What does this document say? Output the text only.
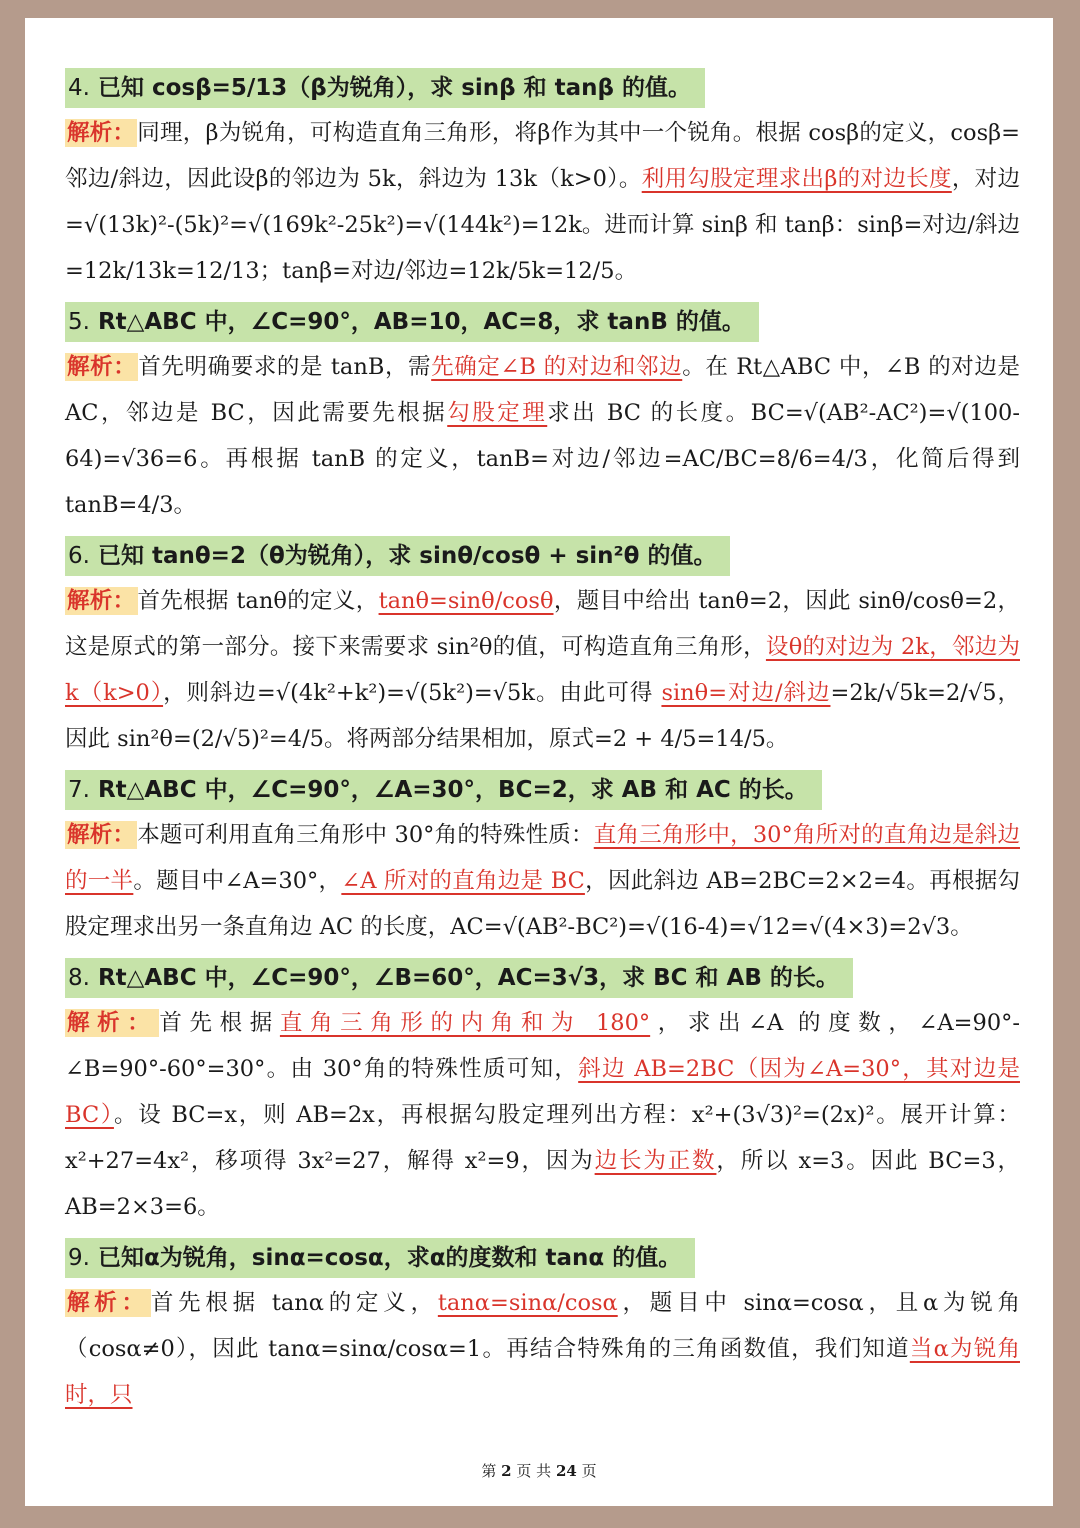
4. 已知 cosβ=5/13（β为锐角），求 sinβ 和 tanβ 的值。
解析：同理，β为锐角，可构造直角三角形，将β作为其中一个锐角。根据 cosβ的定义，cosβ=邻边/斜边，因此设β的邻边为 5k，斜边为 13k（k>0）。利用勾股定理求出β的对边长度，对边=√(13k)²-(5k)²=√(169k²-25k²)=√(144k²)=12k。进而计算 sinβ 和 tanβ：sinβ=对边/斜边=12k/13k=12/13；tanβ=对边/邻边=12k/5k=12/5。
5. Rt△ABC 中，∠C=90°，AB=10，AC=8，求 tanB 的值。
解析：首先明确要求的是 tanB，需先确定∠B 的对边和邻边。在 Rt△ABC 中，∠B 的对边是 AC，邻边是 BC，因此需要先根据勾股定理求出 BC 的长度。BC=√(AB²-AC²)=√(100-64)=√36=6。再根据 tanB 的定义，tanB=对边/邻边=AC/BC=8/6=4/3，化简后得到 tanB=4/3。
6. 已知 tanθ=2（θ为锐角），求 sinθ/cosθ + sin²θ 的值。
解析：首先根据 tanθ的定义，tanθ=sinθ/cosθ，题目中给出 tanθ=2，因此 sinθ/cosθ=2，这是原式的第一部分。接下来需要求 sin²θ的值，可构造直角三角形，设θ的对边为 2k，邻边为 k（k>0），则斜边=√(4k²+k²)=√(5k²)=√5k。由此可得 sinθ=对边/斜边=2k/√5k=2/√5，因此 sin²θ=(2/√5)²=4/5。将两部分结果相加，原式=2 + 4/5=14/5。
7. Rt△ABC 中，∠C=90°，∠A=30°，BC=2，求 AB 和 AC 的长。
解析：本题可利用直角三角形中 30°角的特殊性质：直角三角形中，30°角所对的直角边是斜边的一半。题目中∠A=30°，∠A 所对的直角边是 BC，因此斜边 AB=2BC=2×2=4。再根据勾股定理求出另一条直角边 AC 的长度，AC=√(AB²-BC²)=√(16-4)=√12=√(4×3)=2√3。
8. Rt△ABC 中，∠C=90°，∠B=60°，AC=3√3，求 BC 和 AB 的长。
解析：首先根据直角三角形的内角和为 180°，求出∠A 的度数，∠A=90°-∠B=90°-60°=30°。由 30°角的特殊性质可知，斜边 AB=2BC（因为∠A=30°，其对边是 BC）。设 BC=x，则 AB=2x，再根据勾股定理列出方程：x²+(3√3)²=(2x)²。展开计算：x²+27=4x²，移项得 3x²=27，解得 x²=9，因为边长为正数，所以 x=3。因此 BC=3，AB=2×3=6。
9. 已知α为锐角，sinα=cosα，求α的度数和 tanα 的值。
解析：首先根据 tanα的定义，tanα=sinα/cosα，题目中 sinα=cosα，且α为锐角（cosα≠0），因此 tanα=sinα/cosα=1。再结合特殊角的三角函数值，我们知道当α为锐角时，只
第 2 页 共 24 页
